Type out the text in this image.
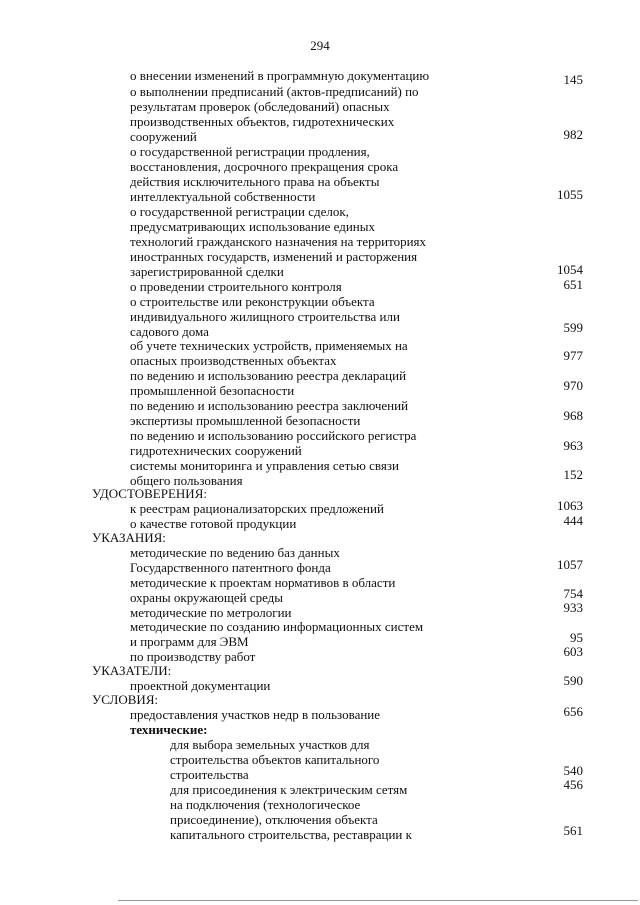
294
о внесении изменений в программную документацию	145
о выполнении предписаний (актов-предписаний) по
результатам проверок (обследований) опасных
производственных объектов, гидротехнических
сооружений	982
о государственной регистрации продления,
восстановления, досрочного прекращения срока
действия исключительного права на объекты
интеллектуальной собственности	1055
о государственной регистрации сделок,
предусматривающих использование единых
технологий гражданского назначения на территориях
иностранных государств, изменений и расторжения
зарегистрированной сделки	1054
о проведении строительного контроля	651
о строительстве или реконструкции объекта
индивидуального жилищного строительства или
садового дома	599
об учете технических устройств, применяемых на
опасных производственных объектах	977
по ведению и использованию реестра деклараций
промышленной безопасности	970
по ведению и использованию реестра заключений
экспертизы промышленной безопасности	968
по ведению и использованию российского регистра
гидротехнических сооружений	963
системы мониторинга и управления сетью связи
общего пользования	152
УДОСТОВЕРЕНИЯ:
к реестрам рационализаторских предложений	1063
о качестве готовой продукции	444
УКАЗАНИЯ:
методические по ведению баз данных
Государственного патентного фонда	1057
методические к проектам нормативов в области
охраны окружающей среды	754
методические по метрологии	933
методические по созданию информационных систем
и программ для ЭВМ	95
по производству работ	603
УКАЗАТЕЛИ:
проектной документации	590
УСЛОВИЯ:
предоставления участков недр в пользование	656
технические:
для выбора земельных участков для
строительства объектов капитального
строительства	540
для присоединения к электрическим сетям	456
на подключения (технологическое
присоединение), отключения объекта
капитального строительства, реставрации к	561
